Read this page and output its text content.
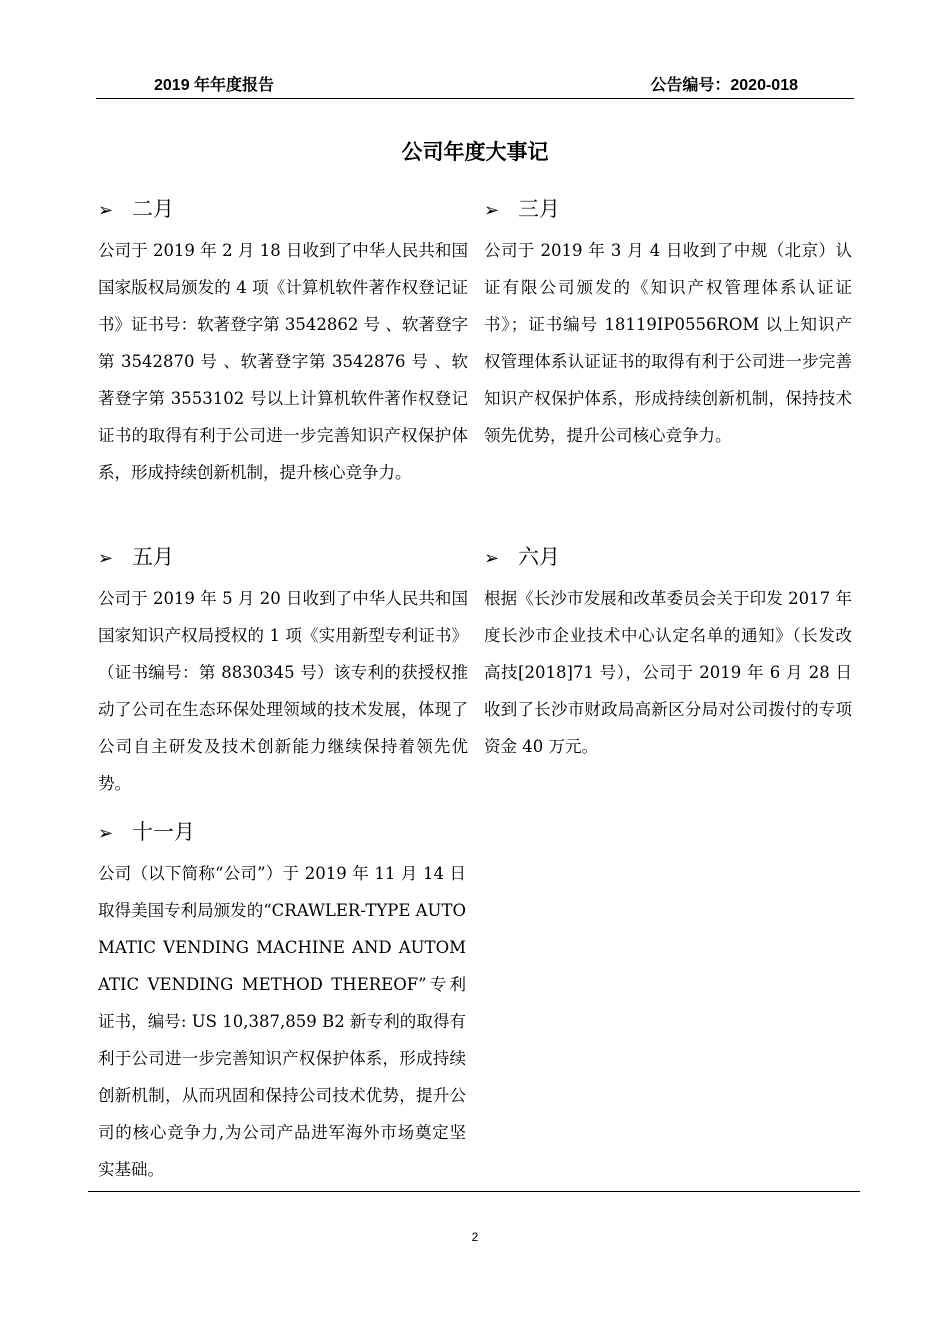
2019 年年度报告	公告编号：2020-018
公司年度大事记
➢ 二月
公司于 2019 年 2 月 18 日收到了中华人民共和国国家版权局颁发的 4 项《计算机软件著作权登记证书》证书号：软著登字第 3542862 号 、软著登字第 3542870 号 、软著登字第 3542876 号 、软著登字第 3553102 号以上计算机软件著作权登记证书的取得有利于公司进一步完善知识产权保护体系，形成持续创新机制，提升核心竞争力。
➢ 三月
公司于 2019 年 3 月 4 日收到了中规（北京）认证有限公司颁发的《知识产权管理体系认证证书》；证书编号 18119IP0556ROM 以上知识产权管理体系认证证书的取得有利于公司进一步完善知识产权保护体系，形成持续创新机制，保持技术领先优势，提升公司核心竞争力。
➢ 五月
公司于 2019 年 5 月 20 日收到了中华人民共和国国家知识产权局授权的 1 项《实用新型专利证书》（证书编号：第 8830345 号）该专利的获授权推动了公司在生态环保处理领域的技术发展，体现了公司自主研发及技术创新能力继续保持着领先优势。
➢ 六月
根据《长沙市发展和改革委员会关于印发 2017 年度长沙市企业技术中心认定名单的通知》（长发改高技[2018]71 号），公司于 2019 年 6 月 28 日收到了长沙市财政局高新区分局对公司拨付的专项资金 40 万元。
➢ 十一月
公司（以下简称“公司”）于 2019 年 11 月 14 日取得美国专利局颁发的“CRAWLER-TYPE AUTOMATIC VENDING MACHINE AND AUTOMATIC VENDING METHOD THEREOF”专利证书，编号: US 10,387,859 B2 新专利的取得有利于公司进一步完善知识产权保护体系，形成持续创新机制，从而巩固和保持公司技术优势，提升公司的核心竞争力,为公司产品进军海外市场奠定坚实基础。
2
